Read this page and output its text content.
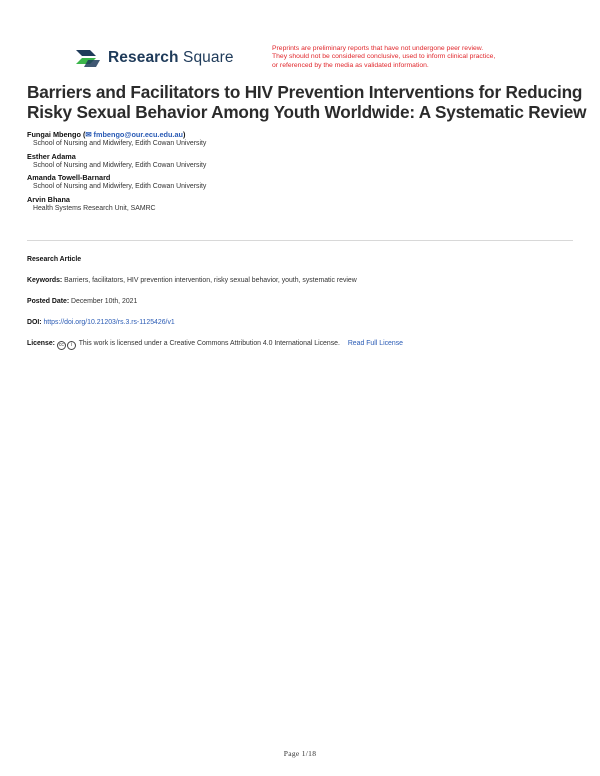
Research Square
Preprints are preliminary reports that have not undergone peer review.
They should not be considered conclusive, used to inform clinical practice,
or referenced by the media as validated information.
Barriers and Facilitators to HIV Prevention Interventions for Reducing Risky Sexual Behavior Among Youth Worldwide: A Systematic Review
Fungai Mbengo (✉ fmbengo@our.ecu.edu.au)
School of Nursing and Midwifery, Edith Cowan University
Esther Adama
School of Nursing and Midwifery, Edith Cowan University
Amanda Towell-Barnard
School of Nursing and Midwifery, Edith Cowan University
Arvin Bhana
Health Systems Research Unit, SAMRC
Research Article
Keywords: Barriers, facilitators, HIV prevention intervention, risky sexual behavior, youth, systematic review
Posted Date: December 10th, 2021
DOI: https://doi.org/10.21203/rs.3.rs-1125426/v1
License: cc i This work is licensed under a Creative Commons Attribution 4.0 International License. Read Full License
Page 1/18
